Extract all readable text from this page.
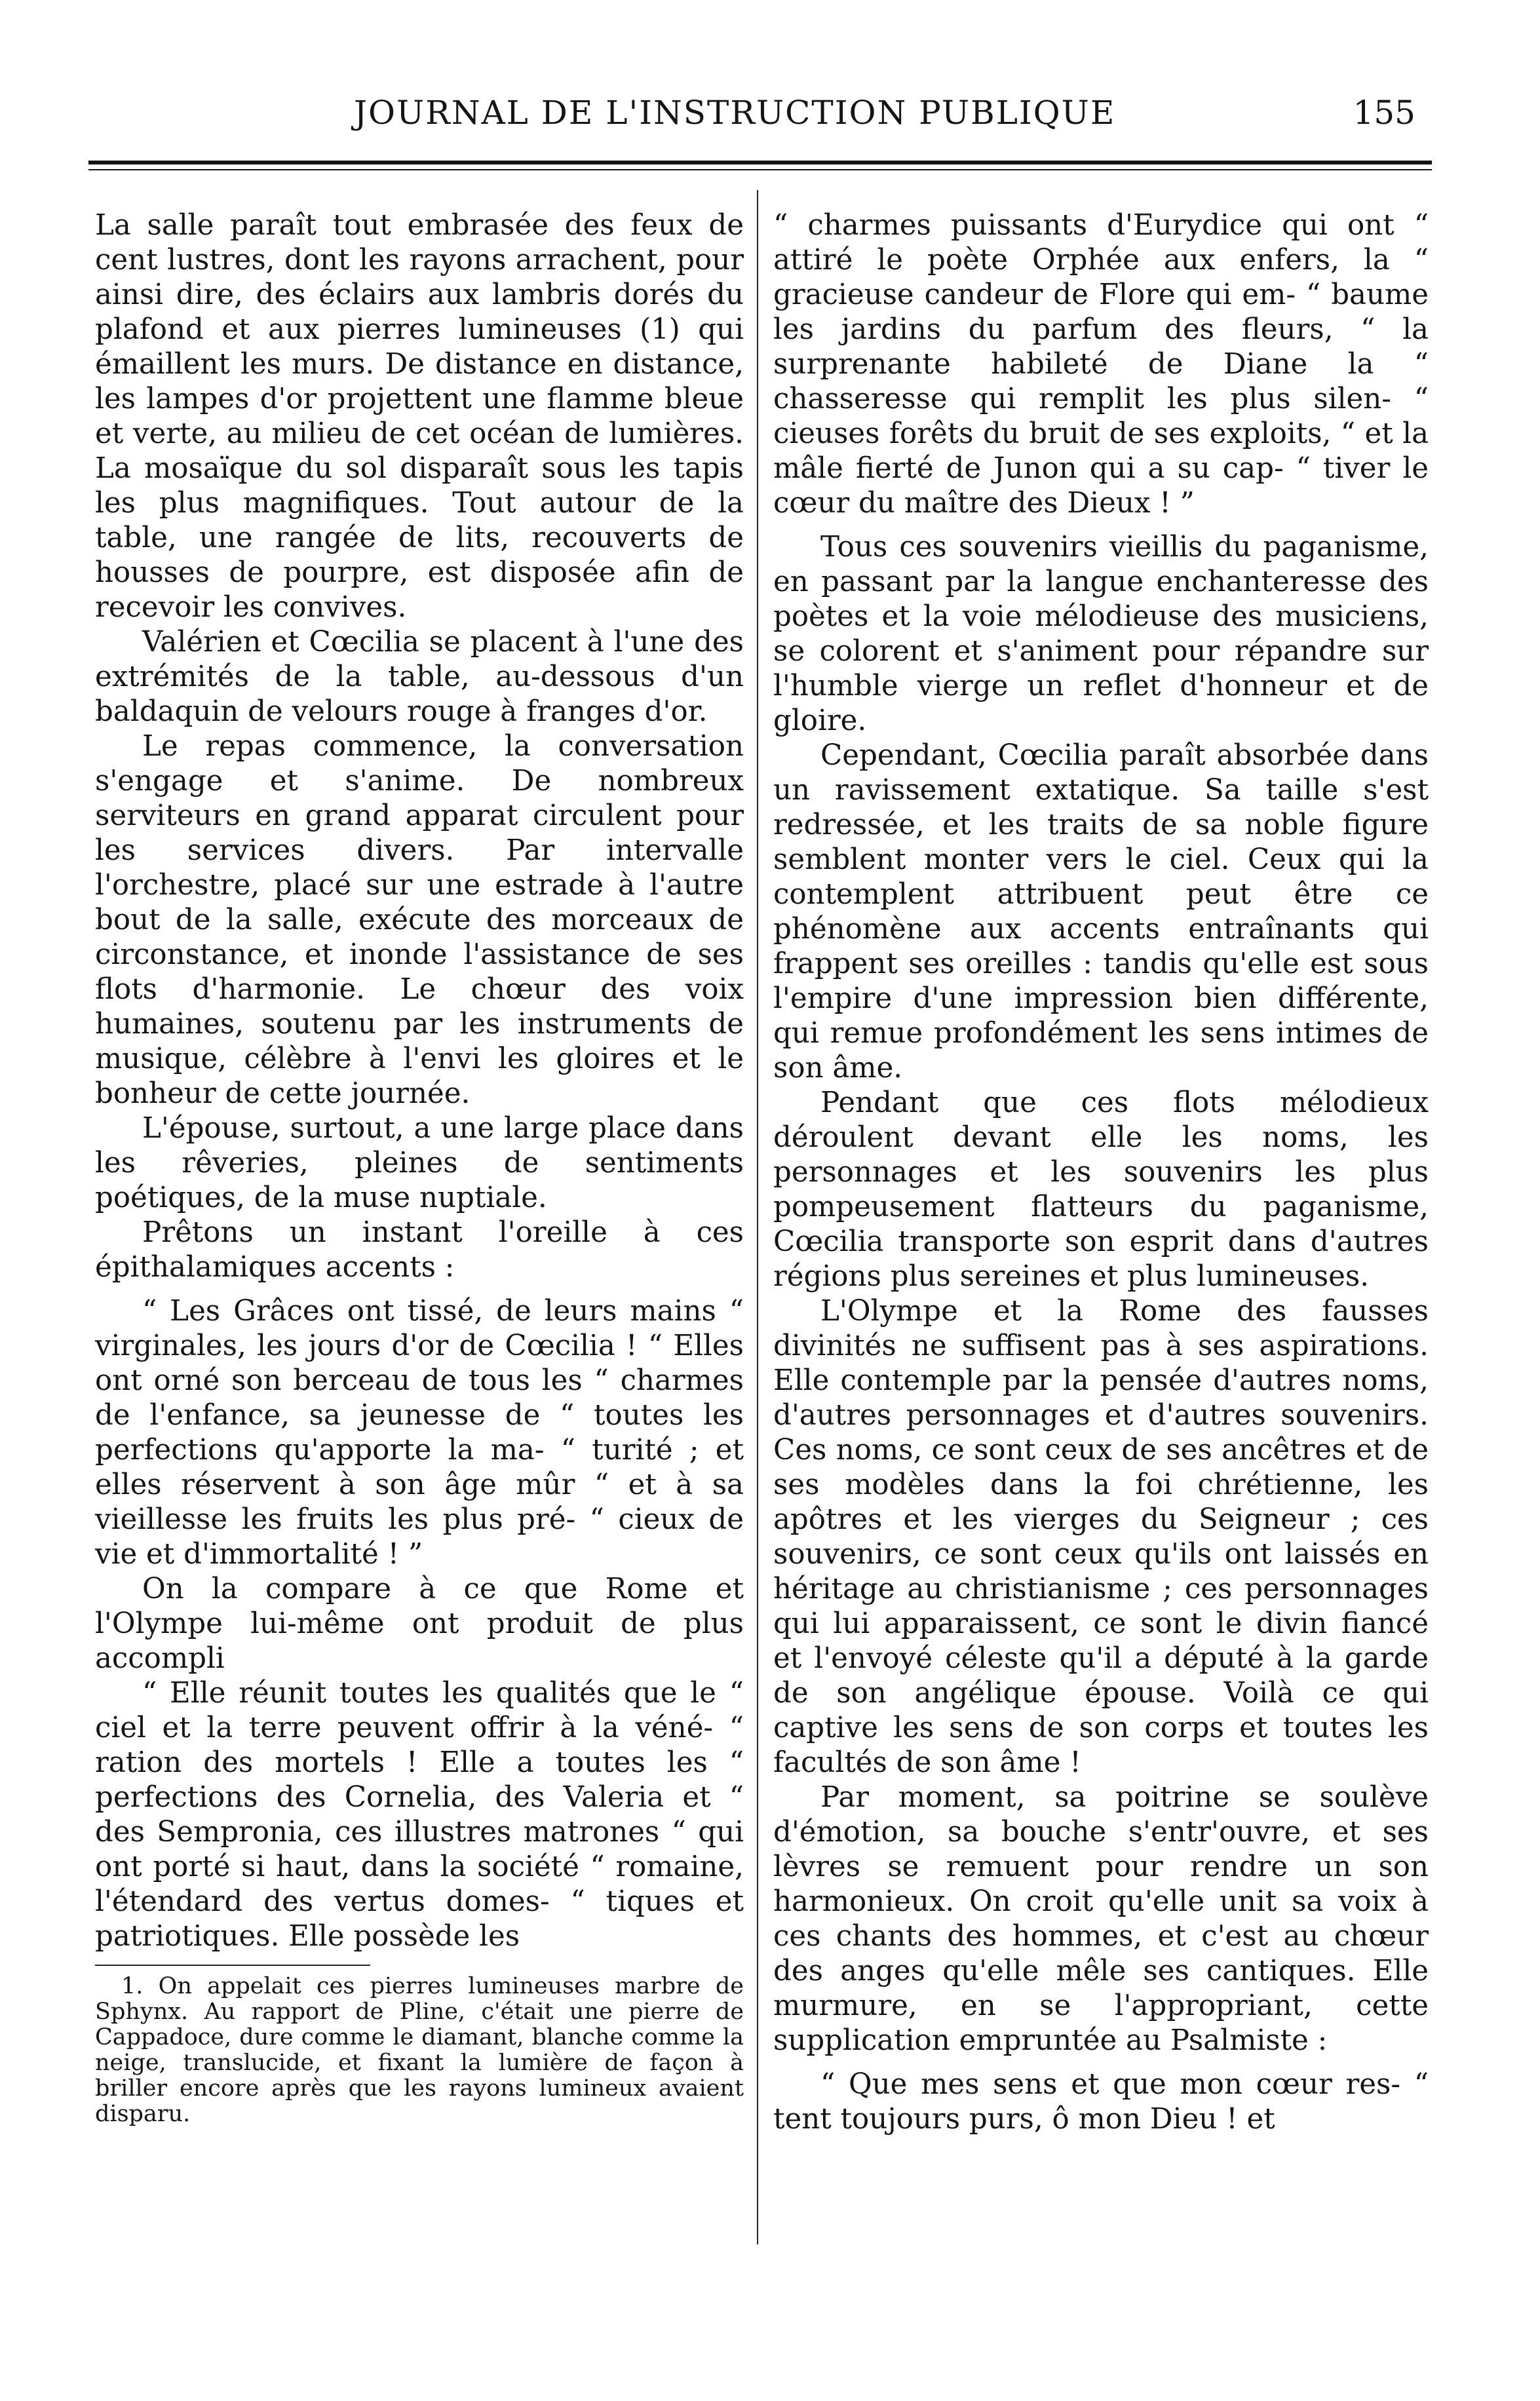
JOURNAL DE L'INSTRUCTION PUBLIQUE	155

La salle paraît tout embrasée des feux de cent lustres, dont les rayons arrachent, pour ainsi dire, des éclairs aux lambris dorés du plafond et aux pierres lumineuses (1) qui émaillent les murs. De distance en distance, les lampes d'or projettent une flamme bleue et verte, au milieu de cet océan de lumières. La mosaïque du sol disparaît sous les tapis les plus magnifiques. Tout autour de la table, une rangée de lits, recouverts de housses de pourpre, est disposée afin de recevoir les convives.

Valérien et Cœcilia se placent à l'une des extrémités de la table, au-dessous d'un baldaquin de velours rouge à franges d'or.

Le repas commence, la conversation s'engage et s'anime. De nombreux serviteurs en grand apparat circulent pour les services divers. Par intervalle l'orchestre, placé sur une estrade à l'autre bout de la salle, exécute des morceaux de circonstance, et inonde l'assistance de ses flots d'harmonie. Le chœur des voix humaines, soutenu par les instruments de musique, célèbre à l'envi les gloires et le bonheur de cette journée.

L'épouse, surtout, a une large place dans les rêveries, pleines de sentiments poétiques, de la muse nuptiale.

Prêtons un instant l'oreille à ces épithalamiques accents :

“ Les Grâces ont tissé, de leurs mains “ virginales, les jours d'or de Cœcilia ! “ Elles ont orné son berceau de tous les “ charmes de l'enfance, sa jeunesse de “ toutes les perfections qu'apporte la ma- “ turité ; et elles réservent à son âge mûr “ et à sa vieillesse les fruits les plus pré- “ cieux de vie et d'immortalité ! ”

On la compare à ce que Rome et l'Olympe lui-même ont produit de plus accompli

“ Elle réunit toutes les qualités que le “ ciel et la terre peuvent offrir à la véné- “ ration des mortels ! Elle a toutes les “ perfections des Cornelia, des Valeria et “ des Sempronia, ces illustres matrones “ qui ont porté si haut, dans la société “ romaine, l'étendard des vertus domes- “ tiques et patriotiques. Elle possède les

1. On appelait ces pierres lumineuses marbre de Sphynx. Au rapport de Pline, c'était une pierre de Cappadoce, dure comme le diamant, blanche comme la neige, translucide, et fixant la lumière de façon à briller encore après que les rayons lumineux avaient disparu.

“ charmes puissants d'Eurydice qui ont “ attiré le poète Orphée aux enfers, la “ gracieuse candeur de Flore qui em- “ baume les jardins du parfum des fleurs, “ la surprenante habileté de Diane la “ chasseresse qui remplit les plus silen- “ cieuses forêts du bruit de ses exploits, “ et la mâle fierté de Junon qui a su cap- “ tiver le cœur du maître des Dieux ! ”

Tous ces souvenirs vieillis du paganisme, en passant par la langue enchanteresse des poètes et la voie mélodieuse des musiciens, se colorent et s'animent pour répandre sur l'humble vierge un reflet d'honneur et de gloire.

Cependant, Cœcilia paraît absorbée dans un ravissement extatique. Sa taille s'est redressée, et les traits de sa noble figure semblent monter vers le ciel. Ceux qui la contemplent attribuent peut être ce phénomène aux accents entraînants qui frappent ses oreilles : tandis qu'elle est sous l'empire d'une impression bien différente, qui remue profondément les sens intimes de son âme.

Pendant que ces flots mélodieux déroulent devant elle les noms, les personnages et les souvenirs les plus pompeusement flatteurs du paganisme, Cœcilia transporte son esprit dans d'autres régions plus sereines et plus lumineuses.

L'Olympe et la Rome des fausses divinités ne suffisent pas à ses aspirations. Elle contemple par la pensée d'autres noms, d'autres personnages et d'autres souvenirs. Ces noms, ce sont ceux de ses ancêtres et de ses modèles dans la foi chrétienne, les apôtres et les vierges du Seigneur ; ces souvenirs, ce sont ceux qu'ils ont laissés en héritage au christianisme ; ces personnages qui lui apparaissent, ce sont le divin fiancé et l'envoyé céleste qu'il a député à la garde de son angélique épouse. Voilà ce qui captive les sens de son corps et toutes les facultés de son âme !

Par moment, sa poitrine se soulève d'émotion, sa bouche s'entr'ouvre, et ses lèvres se remuent pour rendre un son harmonieux. On croit qu'elle unit sa voix à ces chants des hommes, et c'est au chœur des anges qu'elle mêle ses cantiques. Elle murmure, en se l'appropriant, cette supplication empruntée au Psalmiste :

“ Que mes sens et que mon cœur res- “ tent toujours purs, ô mon Dieu ! et
